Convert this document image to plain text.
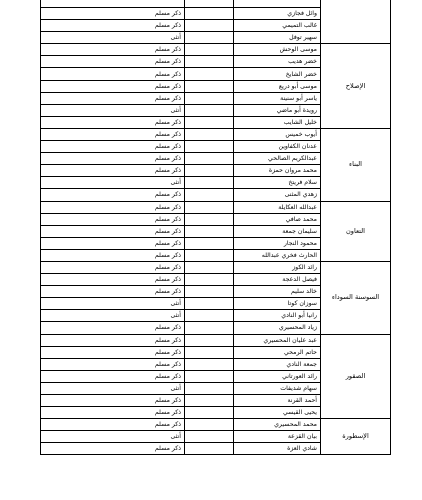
	وائل فجازي		ذكر مسلم
	غالب التميمي		ذكر مسلم
	سهير توفل		أنثى
الإصلاح	موسى الوحش		ذكر مسلم
	خضر هديب		ذكر مسلم
	خضر الشايخ		ذكر مسلم
	موسى أبو دريع		ذكر مسلم
	ياسر أبو سنينة		ذكر مسلم
	رويدة أبو ماضي		أنثى
	خليل الشايب		ذكر مسلم
البناء	أيوب خميس		ذكر مسلم
	عدنان الكفاوين		ذكر مسلم
	عبدالكريم الصالحي		ذكر مسلم
	محمد مروان حمزة		ذكر مسلم
	سلام فريتخ		أنثى
	زهدي المثنى		ذكر مسلم
التعاون	عبدالله العكايلة		ذكر مسلم
	محمد صافي		ذكر مسلم
	سليمان جمعة		ذكر مسلم
	محمود النجار		ذكر مسلم
	الحارث فخري عبدالله		ذكر مسلم
السوسنة السوداء	رائد الكوز		ذكر مسلم
	فيصل الدعجة		ذكر مسلم
	خالد سليم		ذكر مسلم
	سوزان كوتا		أنثى
	رانيا أبو النادي		أنثى
	زياد المحسيري		ذكر مسلم
الصقور	عبد عليان المحسيري		ذكر مسلم
	حاتم الرمحي		ذكر مسلم
	جمعة النادي		ذكر مسلم
	رائد العورتاني		ذكر مسلم
	سهام شديفات		أنثى
	أحمد القرنة		ذكر مسلم
	يحيى القيسي		ذكر مسلم
الإسطورة	محمد المحسيري		ذكر مسلم
	بيان القزعة		أنثى
	شادي العزة		ذكر مسلم
